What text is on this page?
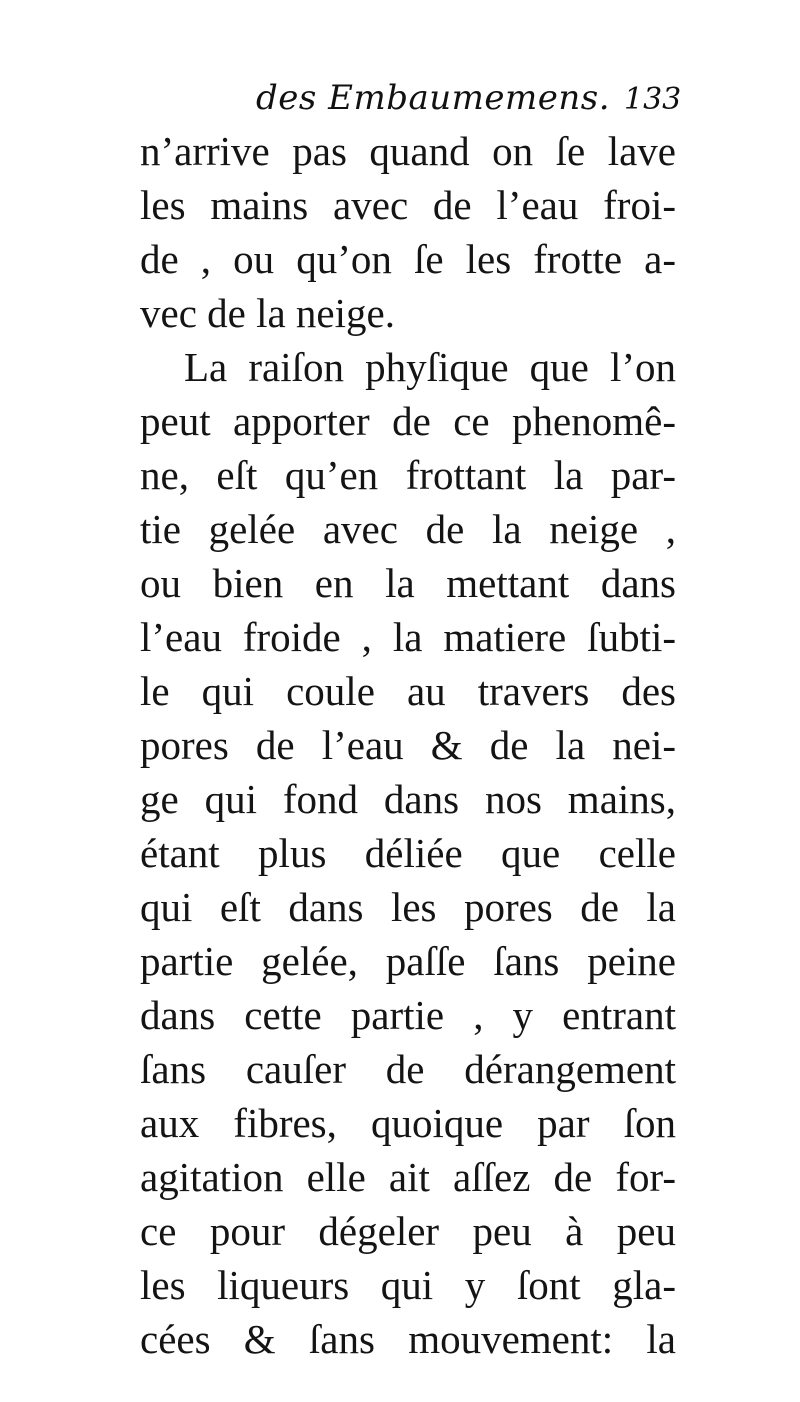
des Embaumemens. 133
n’arrive pas quand on ſe lave
les mains avec de l’eau froi-
de , ou qu’on ſe les frotte a-
vec de la neige.
La raiſon phyſique que l’on
peut apporter de ce phenomê-
ne, eſt qu’en frottant la par-
tie gelée avec de la neige ,
ou bien en la mettant dans
l’eau froide , la matiere ſubti-
le qui coule au travers des
pores de l’eau & de la nei-
ge qui fond dans nos mains,
étant plus déliée que celle
qui eſt dans les pores de la
partie gelée, paſſe ſans peine
dans cette partie , y entrant
ſans cauſer de dérangement
aux fibres, quoique par ſon
agitation elle ait aſſez de for-
ce pour dégeler peu à peu
les liqueurs qui y ſont gla-
cées & ſans mouvement: la
